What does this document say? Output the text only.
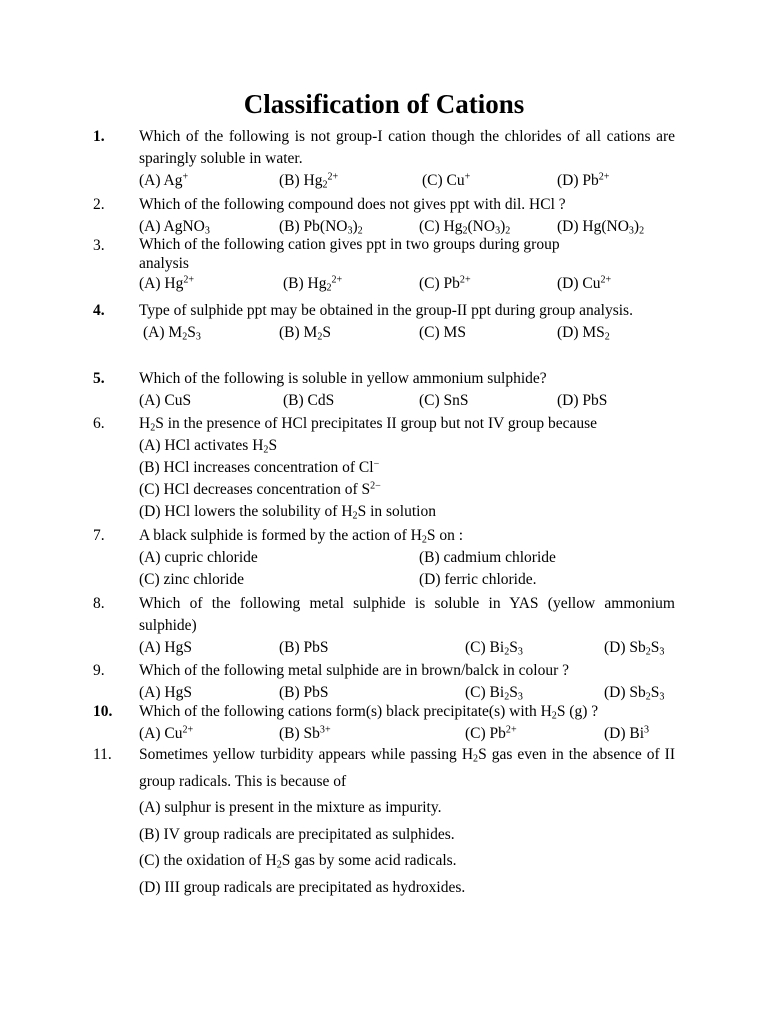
Classification of Cations
1.	Which of the following is not group-I cation though the chlorides of all cations are sparingly soluble in water.
(A) Ag+	(B) $Hg_2^{2+}$	(C) Cu+	(D) $Pb^{2+}$
2.	Which of the following compound does not gives ppt with dil. HCl ?
(A) AgNO$_3$	(B) $Pb(NO_3)_2$	(C) $Hg_2(NO_3)_2$	(D) $Hg(NO_3)_2$
3.	Which of the following cation gives ppt in two groups during group
analysis
(A) $Hg^{2+}$	(B) $Hg_2^{2+}$	(C) $Pb^{2+}$	(D) $Cu^{2+}$
4.	Type of sulphide ppt may be obtained in the group-II ppt during group analysis.
(A) $M_2S_3$	(B) $M_2S$	(C) MS	(D) $MS_2$
5.	Which of the following is soluble in yellow ammonium sulphide?
(A) CuS	(B) CdS	(C) SnS	(D) PbS
6.	$H_2S$ in the presence of HCl precipitates II group but not IV group because
(A) HCl activates $H_2S$
(B) HCl increases concentration of Cl−
(C) HCl decreases concentration of $S^{2-}$
(D) HCl lowers the solubility of $H_2S$ in solution
7.	A black sulphide is formed by the action of $H_2S$ on :
(A) cupric chloride	(B) cadmium chloride
(C) zinc chloride	(D) ferric chloride.
8.	Which of the following metal sulphide is soluble in YAS (yellow ammonium sulphide)
(A) HgS	(B) PbS	(C) $Bi_2S_3$	(D) $Sb_2S_3$
9.	Which of the following metal sulphide are in brown/balck in colour ?
(A) HgS	(B) PbS	(C) $Bi_2S_3$	(D) $Sb_2S_3$
10.	Which of the following cations form(s) black precipitate(s) with $H_2S$ (g) ?
(A) $Cu^{2+}$	(B) $Sb^{3+}$	(C) $Pb^{2+}$	(D) Bi$^3$
11.	Sometimes yellow turbidity appears while passing $H_2S$ gas even in the absence of II group radicals. This is because of
(A) sulphur is present in the mixture as impurity.
(B) IV group radicals are precipitated as sulphides.
(C) the oxidation of $H_2S$ gas by some acid radicals.
(D) III group radicals are precipitated as hydroxides.
